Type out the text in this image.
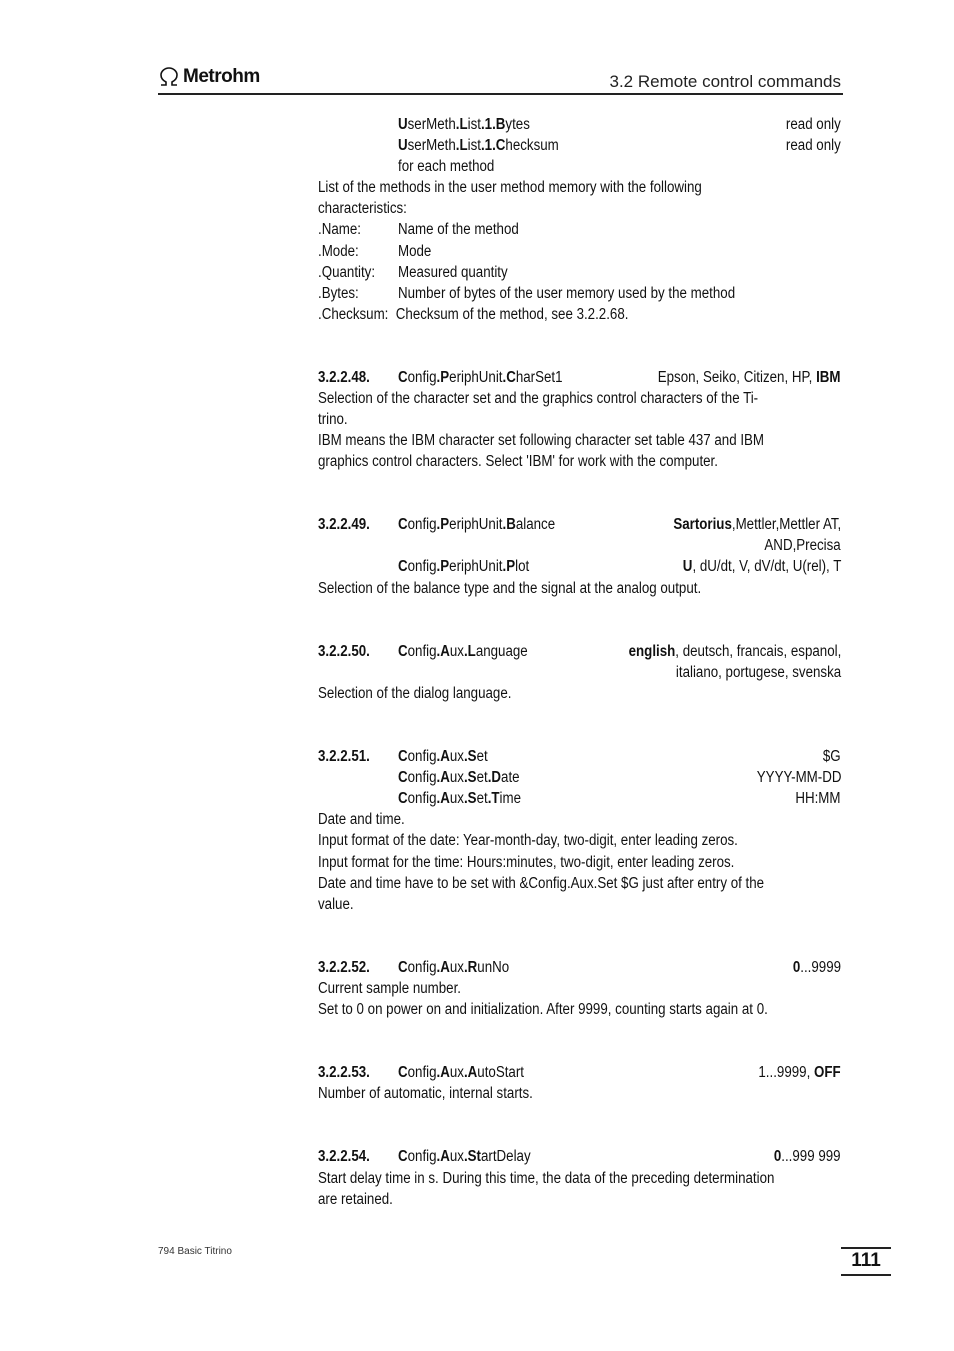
Metrohm	3.2 Remote control commands
UserMeth.List.1.Bytes	read only
UserMeth.List.1.Checksum	read only
for each method
List of the methods in the user method memory with the following
characteristics:
.Name: Name of the method
.Mode:	Mode
.Quantity: Measured quantity
.Bytes:	Number of bytes of the user memory used by the method
.Checksum:  Checksum of the method, see 3.2.2.68.
3.2.2.48. Config.PeriphUnit.CharSet1	Epson, Seiko, Citizen, HP, IBM
Selection of the character set and the graphics control characters of the Ti-
trino.
IBM means the IBM character set following character set table 437 and IBM
graphics control characters. Select 'IBM' for work with the computer.
3.2.2.49. Config.PeriphUnit.Balance	Sartorius,Mettler,Mettler AT,
AND,Precisa
Config.PeriphUnit.Plot	U, dU/dt, V, dV/dt, U(rel), T
Selection of the balance type and the signal at the analog output.
3.2.2.50. Config.Aux.Language	english, deutsch, francais, espanol,
italiano, portugese, svenska
Selection of the dialog language.
3.2.2.51. Config.Aux.Set	$G
Config.Aux.Set.Date	YYYY-MM-DD
Config.Aux.Set.Time	HH:MM
Date and time.
Input format of the date: Year-month-day, two-digit, enter leading zeros.
Input format for the time: Hours:minutes, two-digit, enter leading zeros.
Date and time have to be set with &Config.Aux.Set $G just after entry of the
value.
3.2.2.52. Config.Aux.RunNo	0...9999
Current sample number.
Set to 0 on power on and initialization. After 9999, counting starts again at 0.
3.2.2.53. Config.Aux.AutoStart	1...9999, OFF
Number of automatic, internal starts.
3.2.2.54. Config.Aux.StartDelay	0...999 999
Start delay time in s. During this time, the data of the preceding determination
are retained.
794 Basic Titrino	111
